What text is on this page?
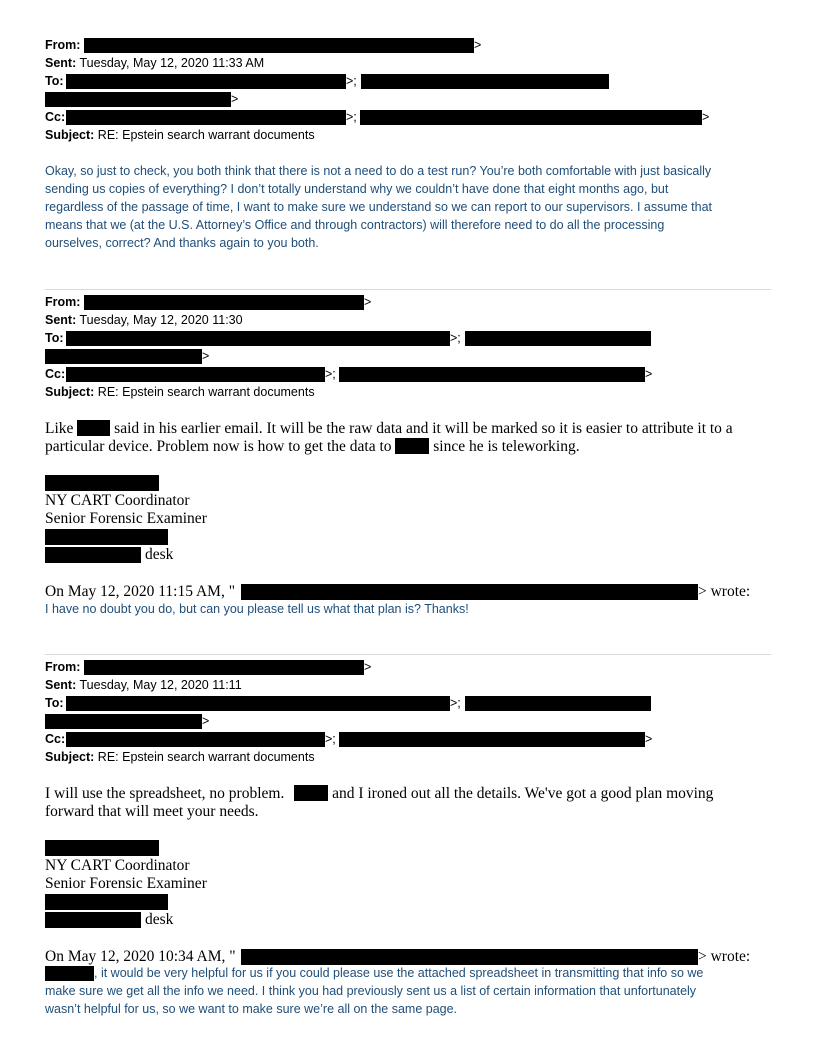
From:	>
Sent: Tuesday, May 12, 2020 11:33 AM
To:	>;
>
Cc:	>;	>
Subject: RE: Epstein search warrant documents
Okay, so just to check, you both think that there is not a need to do a test run? You’re both comfortable with just basically
sending us copies of everything? I don’t totally understand why we couldn’t have done that eight months ago, but
regardless of the passage of time, I want to make sure we understand so we can report to our supervisors. I assume that
means that we (at the U.S. Attorney’s Office and through contractors) will therefore need to do all the processing
ourselves, correct? And thanks again to you both.
From:	>
Sent: Tuesday, May 12, 2020 11:30
To:	>;
>
Cc:	>;	>
Subject: RE: Epstein search warrant documents
Like	said in his earlier email. It will be the raw data and it will be marked so it is easier to attribute it to a
particular device. Problem now is how to get the data to	since he is teleworking.
NY CART Coordinator
Senior Forensic Examiner
desk
On May 12, 2020 11:15 AM, "	> wrote:
I have no doubt you do, but can you please tell us what that plan is? Thanks!
From:	>
Sent: Tuesday, May 12, 2020 11:11
To:	>;
>
Cc:	>;	>
Subject: RE: Epstein search warrant documents
I will use the spreadsheet, no problem.	and I ironed out all the details. We've got a good plan moving
forward that will meet your needs.
NY CART Coordinator
Senior Forensic Examiner
desk
On May 12, 2020 10:34 AM, "	> wrote:
, it would be very helpful for us if you could please use the attached spreadsheet in transmitting that info so we
make sure we get all the info we need. I think you had previously sent us a list of certain information that unfortunately
wasn’t helpful for us, so we want to make sure we’re all on the same page.
